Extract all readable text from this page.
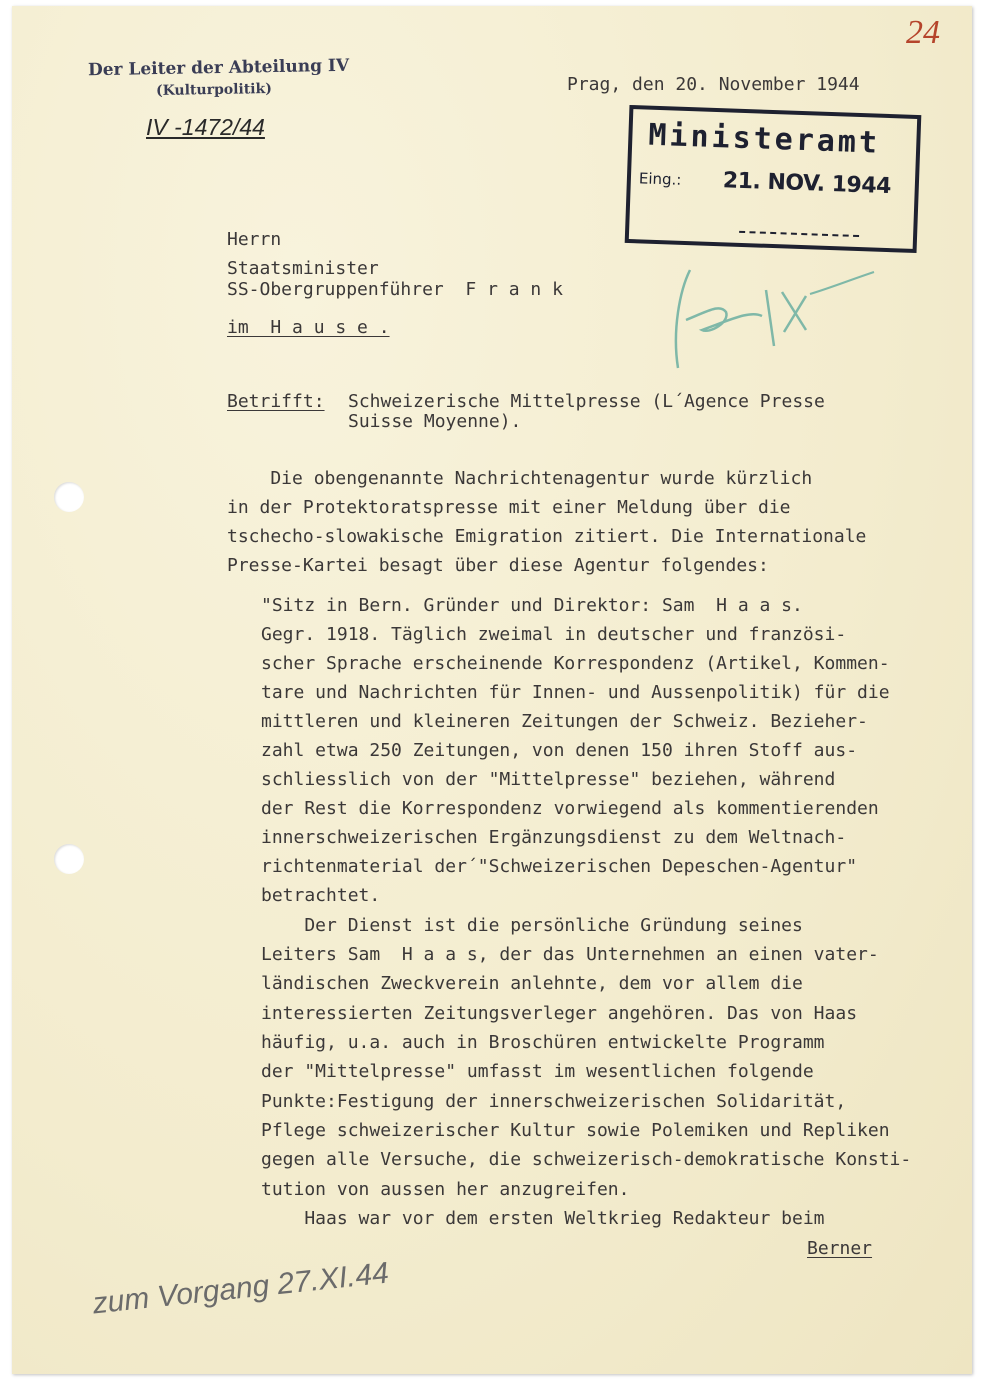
Der Leiter der Abteilung IV
(Kulturpolitik)
IV -1472/44
24
Prag, den 20. November 1944
Ministeramt
Eing.: 21. NOV. 1944
Herrn
Staatsminister
SS-Obergruppenführer  F r a n k
im  H a u s e .
Betrifft: Schweizerische Mittelpresse (L´Agence Presse
Suisse Moyenne).
Die obengenannte Nachrichtenagentur wurde kürzlich
in der Protektoratspresse mit einer Meldung über die
tschecho-slowakische Emigration zitiert. Die Internationale
Presse-Kartei besagt über diese Agentur folgendes:
"Sitz in Bern. Gründer und Direktor: Sam  H a a s.
Gegr. 1918. Täglich zweimal in deutscher und französi-
scher Sprache erscheinende Korrespondenz (Artikel, Kommen-
tare und Nachrichten für Innen- und Aussenpolitik) für die
mittleren und kleineren Zeitungen der Schweiz. Bezieher-
zahl etwa 250 Zeitungen, von denen 150 ihren Stoff aus-
schliesslich von der "Mittelpresse" beziehen, während
der Rest die Korrespondenz vorwiegend als kommentierenden
innerschweizerischen Ergänzungsdienst zu dem Weltnach-
richtenmaterial der´"Schweizerischen Depeschen-Agentur"
betrachtet.
Der Dienst ist die persönliche Gründung seines
Leiters Sam  H a a s, der das Unternehmen an einen vater-
ländischen Zweckverein anlehnte, dem vor allem die
interessierten Zeitungsverleger angehören. Das von Haas
häufig, u.a. auch in Broschüren entwickelte Programm
der "Mittelpresse" umfasst im wesentlichen folgende
Punkte:Festigung der innerschweizerischen Solidarität,
Pflege schweizerischer Kultur sowie Polemiken und Repliken
gegen alle Versuche, die schweizerisch-demokratische Konsti-
tution von aussen her anzugreifen.
Haas war vor dem ersten Weltkrieg Redakteur beim
Berner
zum Vorgang 27.XI.44
